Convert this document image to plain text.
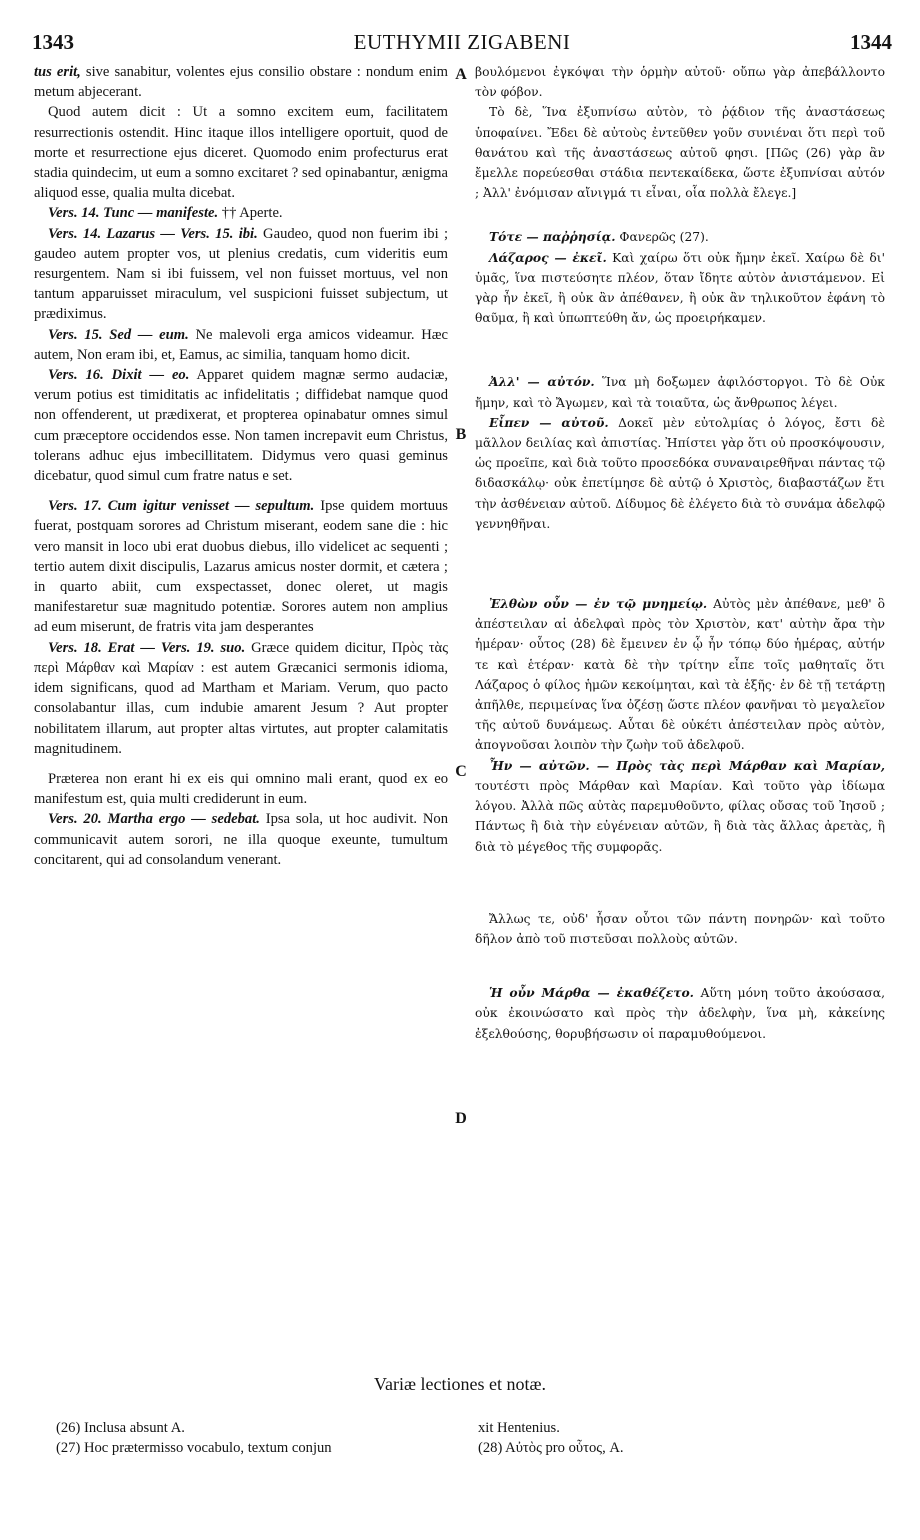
1343	EUTHYMII ZIGABENI	1344

tus erit, sive sanabitur, volentes ejus consilio obstare : nondum enim metum abjecerant.

Quod autem dicit : Ut a somno excitem eum, facilitatem resurrectionis ostendit. Hinc itaque illos intelligere oportuit, quod de morte et resurrectione ejus diceret. Quomodo enim profecturus erat stadia quindecim, ut eum a somno excitaret ? sed opinabantur, ænigma aliquod esse, qualia multa dicebat.

Vers. 14. Tunc — manifeste. †† Aperte.

Vers. 14. Lazarus — Vers. 15. ibi. Gaudeo, quod non fuerim ibi ; gaudeo autem propter vos, ut plenius credatis, cum videritis eum resurgentem. Nam si ibi fuissem, vel non fuisset mortuus, vel non tantum apparuisset miraculum, vel suspicioni fuisset subjectum, ut prædiximus.

Vers. 15. Sed — eum. Ne malevoli erga amicos videamur. Hæc autem, Non eram ibi, et, Eamus, ac similia, tanquam homo dicit.

Vers. 16. Dixit — eo. Apparet quidem magnæ sermo audaciæ, verum potius est timiditatis ac infidelitatis ; diffidebat namque quod non offenderent, ut prædixerat, et propterea opinabatur omnes simul cum præceptore occidendos esse. Non tamen increpavit eum Christus, tolerans adhuc ejus imbecillitatem. Didymus vero quasi geminus dicebatur, quod simul cum fratre natus e set.

Vers. 17. Cum igitur venisset — sepultum. Ipse quidem mortuus fuerat, postquam sorores ad Christum miserant, eodem sane die : hic vero mansit in loco ubi erat duobus diebus, illo videlicet ac sequenti ; tertio autem dixit discipulis, Lazarus amicus noster dormit, et cætera ; in quarto abiit, cum exspectasset, donec oleret, ut magis manifestaretur suæ magnitudo potentiæ. Sorores autem non amplius ad eum miserunt, de fratris vita jam desperantes

Vers. 18. Erat — Vers. 19. suo. Græce quidem dicitur, Πρὸς τὰς περὶ Μάρθαν καὶ Μαρίαν : est autem Græcanici sermonis idioma, idem significans, quod ad Martham et Mariam. Verum, quo pacto consolabantur illas, cum indubie amarent Jesum ? Aut propter nobilitatem illarum, aut propter altas virtutes, aut propter calamitatis magnitudinem.

Præterea non erant hi ex eis qui omnino mali erant, quod ex eo manifestum est, quia multi crediderunt in eum.

Vers. 20. Martha ergo — sedebat. Ipsa sola, ut hoc audivit. Non communicavit autem sorori, ne illa quoque exeunte, tumultum concitarent, qui ad consolandum venerant.

A
B
C
D

βουλόμενοι ἐγκόψαι τὴν ὁρμὴν αὐτοῦ· οὔπω γὰρ ἀπεβάλλοντο τὸν φόβον.

Τὸ δὲ, Ἵνα ἐξυπνίσω αὐτὸν, τὸ ῥᾴδιον τῆς ἀναστάσεως ὑποφαίνει. Ἔδει δὲ αὐτοὺς ἐντεῦθεν γοῦν συνιέναι ὅτι περὶ τοῦ θανάτου καὶ τῆς ἀναστάσεως αὐτοῦ φησι. [Πῶς (26) γὰρ ἂν ἔμελλε πορεύεσθαι στάδια πεντεκαίδεκα, ὥστε ἐξυπνίσαι αὐτόν ; Ἀλλ' ἐνόμισαν αἴνιγμά τι εἶναι, οἷα πολλὰ ἔλεγε.]

Τότε — παῤῥησίᾳ. Φανερῶς (27).

Λάζαρος — ἐκεῖ. Καὶ χαίρω ὅτι οὐκ ἤμην ἐκεῖ. Χαίρω δὲ δι' ὑμᾶς, ἵνα πιστεύσητε πλέον, ὅταν ἴδητε αὐτὸν ἀνιστάμενον. Εἰ γὰρ ἦν ἐκεῖ, ἢ οὐκ ἂν ἀπέθανεν, ἢ οὐκ ἂν τηλικοῦτον ἐφάνη τὸ θαῦμα, ἢ καὶ ὑπωπτεύθη ἄν, ὡς προειρήκαμεν.

Ἀλλ' — αὐτόν. Ἵνα μὴ δοξωμεν ἀφιλόστοργοι. Τὸ δὲ Οὐκ ἤμην, καὶ τὸ Ἄγωμεν, καὶ τὰ τοιαῦτα, ὡς ἄνθρωπος λέγει.

Εἶπεν — αὐτοῦ. Δοκεῖ μὲν εὐτολμίας ὁ λόγος, ἔστι δὲ μᾶλλον δειλίας καὶ ἀπιστίας. Ἠπίστει γὰρ ὅτι οὐ προσκόψουσιν, ὡς προεῖπε, καὶ διὰ τοῦτο προσεδόκα συναναιρεθῆναι πάντας τῷ διδασκάλῳ· οὐκ ἐπετίμησε δὲ αὐτῷ ὁ Χριστὸς, διαβαστάζων ἔτι τὴν ἀσθένειαν αὐτοῦ. Δίδυμος δὲ ἐλέγετο διὰ τὸ συνάμα ἀδελφῷ γεννηθῆναι.

Ἐλθὼν οὖν — ἐν τῷ μνημείῳ. Αὐτὸς μὲν ἀπέθανε, μεθ' ὃ ἀπέστειλαν αἱ ἀδελφαὶ πρὸς τὸν Χριστὸν, κατ' αὐτὴν ἄρα τὴν ἡμέραν· οὗτος (28) δὲ ἔμεινεν ἐν ᾧ ἦν τόπῳ δύο ἡμέρας, αὐτήν τε καὶ ἑτέραν· κατὰ δὲ τὴν τρίτην εἶπε τοῖς μαθηταῖς ὅτι Λάζαρος ὁ φίλος ἡμῶν κεκοίμηται, καὶ τὰ ἑξῆς· ἐν δὲ τῇ τετάρτῃ ἀπῆλθε, περιμείνας ἵνα ὀζέσῃ ὥστε πλέον φανῆναι τὸ μεγαλεῖον τῆς αὐτοῦ δυνάμεως. Αὗται δὲ οὐκέτι ἀπέστειλαν πρὸς αὐτὸν, ἀπογνοῦσαι λοιπὸν τὴν ζωὴν τοῦ ἀδελφοῦ.

Ἦν — αὐτῶν. — Πρὸς τὰς περὶ Μάρθαν καὶ Μαρίαν, τουτέστι πρὸς Μάρθαν καὶ Μαρίαν. Καὶ τοῦτο γὰρ ἰδίωμα λόγου. Ἀλλὰ πῶς αὐτὰς παρεμυθοῦντο, φίλας οὔσας τοῦ Ἰησοῦ ; Πάντως ἢ διὰ τὴν εὐγένειαν αὐτῶν, ἢ διὰ τὰς ἄλλας ἀρετὰς, ἢ διὰ τὸ μέγεθος τῆς συμφορᾶς.

Ἄλλως τε, οὐδ' ἦσαν οὗτοι τῶν πάντη πονηρῶν· καὶ τοῦτο δῆλον ἀπὸ τοῦ πιστεῦσαι πολλοὺς αὐτῶν.

Ἡ οὖν Μάρθα — ἐκαθέζετο. Αὕτη μόνη τοῦτο ἀκούσασα, οὐκ ἐκοινώσατο καὶ πρὸς τὴν ἀδελφὴν, ἵνα μὴ, κἀκείνης ἐξελθούσης, θορυβήσωσιν οἱ παραμυθούμενοι.

Variæ lectiones et notæ.
(26) Inclusa absunt A.
(27) Hoc prætermisso vocabulo, textum conjun
xit Hentenius.
(28) Αὐτὸς pro οὗτος, A.
